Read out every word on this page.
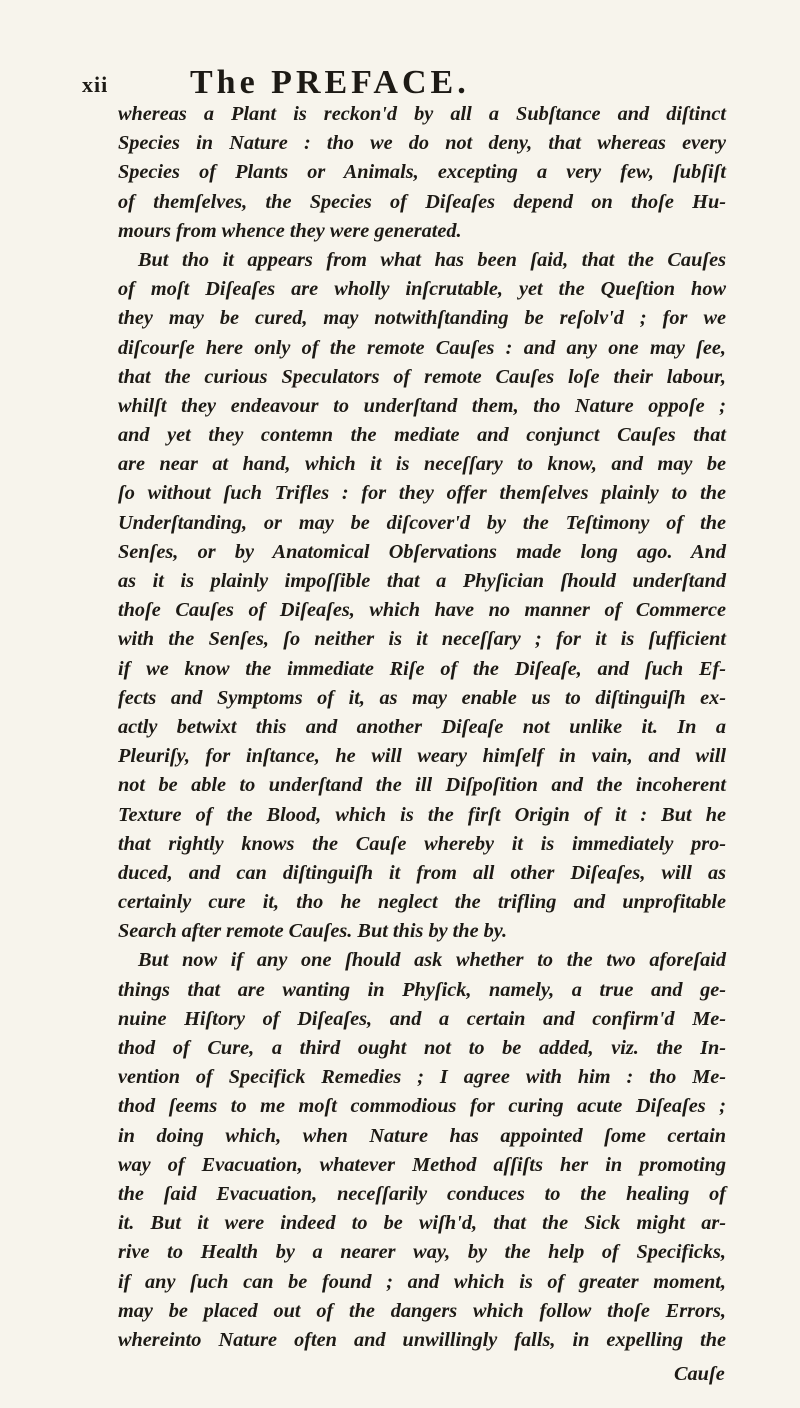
xii The PREFACE.
whereas a Plant is reckon'd by all a Subſtance and diſtinct
Species in Nature : tho we do not deny, that whereas every
Species of Plants or Animals, excepting a very few, ſubſiſt
of themſelves, the Species of Diſeaſes depend on thoſe Hu-
mours from whence they were generated.
But tho it appears from what has been ſaid, that the Cauſes
of moſt Diſeaſes are wholly inſcrutable, yet the Queſtion how
they may be cured, may notwithſtanding be reſolv'd ; for we
diſcourſe here only of the remote Cauſes : and any one may ſee,
that the curious Speculators of remote Cauſes loſe their labour,
whilſt they endeavour to underſtand them, tho Nature oppoſe ;
and yet they contemn the mediate and conjunct Cauſes that
are near at hand, which it is neceſſary to know, and may be
ſo without ſuch Trifles : for they offer themſelves plainly to the
Underſtanding, or may be diſcover'd by the Teſtimony of the
Senſes, or by Anatomical Obſervations made long ago. And
as it is plainly impoſſible that a Phyſician ſhould underſtand
thoſe Cauſes of Diſeaſes, which have no manner of Commerce
with the Senſes, ſo neither is it neceſſary ; for it is ſufficient
if we know the immediate Riſe of the Diſeaſe, and ſuch Ef-
fects and Symptoms of it, as may enable us to diſtinguiſh ex-
actly betwixt this and another Diſeaſe not unlike it. In a
Pleuriſy, for inſtance, he will weary himſelf in vain, and will
not be able to underſtand the ill Diſpoſition and the incoherent
Texture of the Blood, which is the firſt Origin of it : But he
that rightly knows the Cauſe whereby it is immediately pro-
duced, and can diſtinguiſh it from all other Diſeaſes, will as
certainly cure it, tho he neglect the trifling and unprofitable
Search after remote Cauſes. But this by the by.
But now if any one ſhould ask whether to the two aforeſaid
things that are wanting in Phyſick, namely, a true and ge-
nuine Hiſtory of Diſeaſes, and a certain and confirm'd Me-
thod of Cure, a third ought not to be added, viz. the In-
vention of Specifick Remedies ; I agree with him : tho Me-
thod ſeems to me moſt commodious for curing acute Diſeaſes ;
in doing which, when Nature has appointed ſome certain
way of Evacuation, whatever Method aſſiſts her in promoting
the ſaid Evacuation, neceſſarily conduces to the healing of
it. But it were indeed to be wiſh'd, that the Sick might ar-
rive to Health by a nearer way, by the help of Specificks,
if any ſuch can be found ; and which is of greater moment,
may be placed out of the dangers which follow thoſe Errors,
whereinto Nature often and unwillingly falls, in expelling the
Cauſe
